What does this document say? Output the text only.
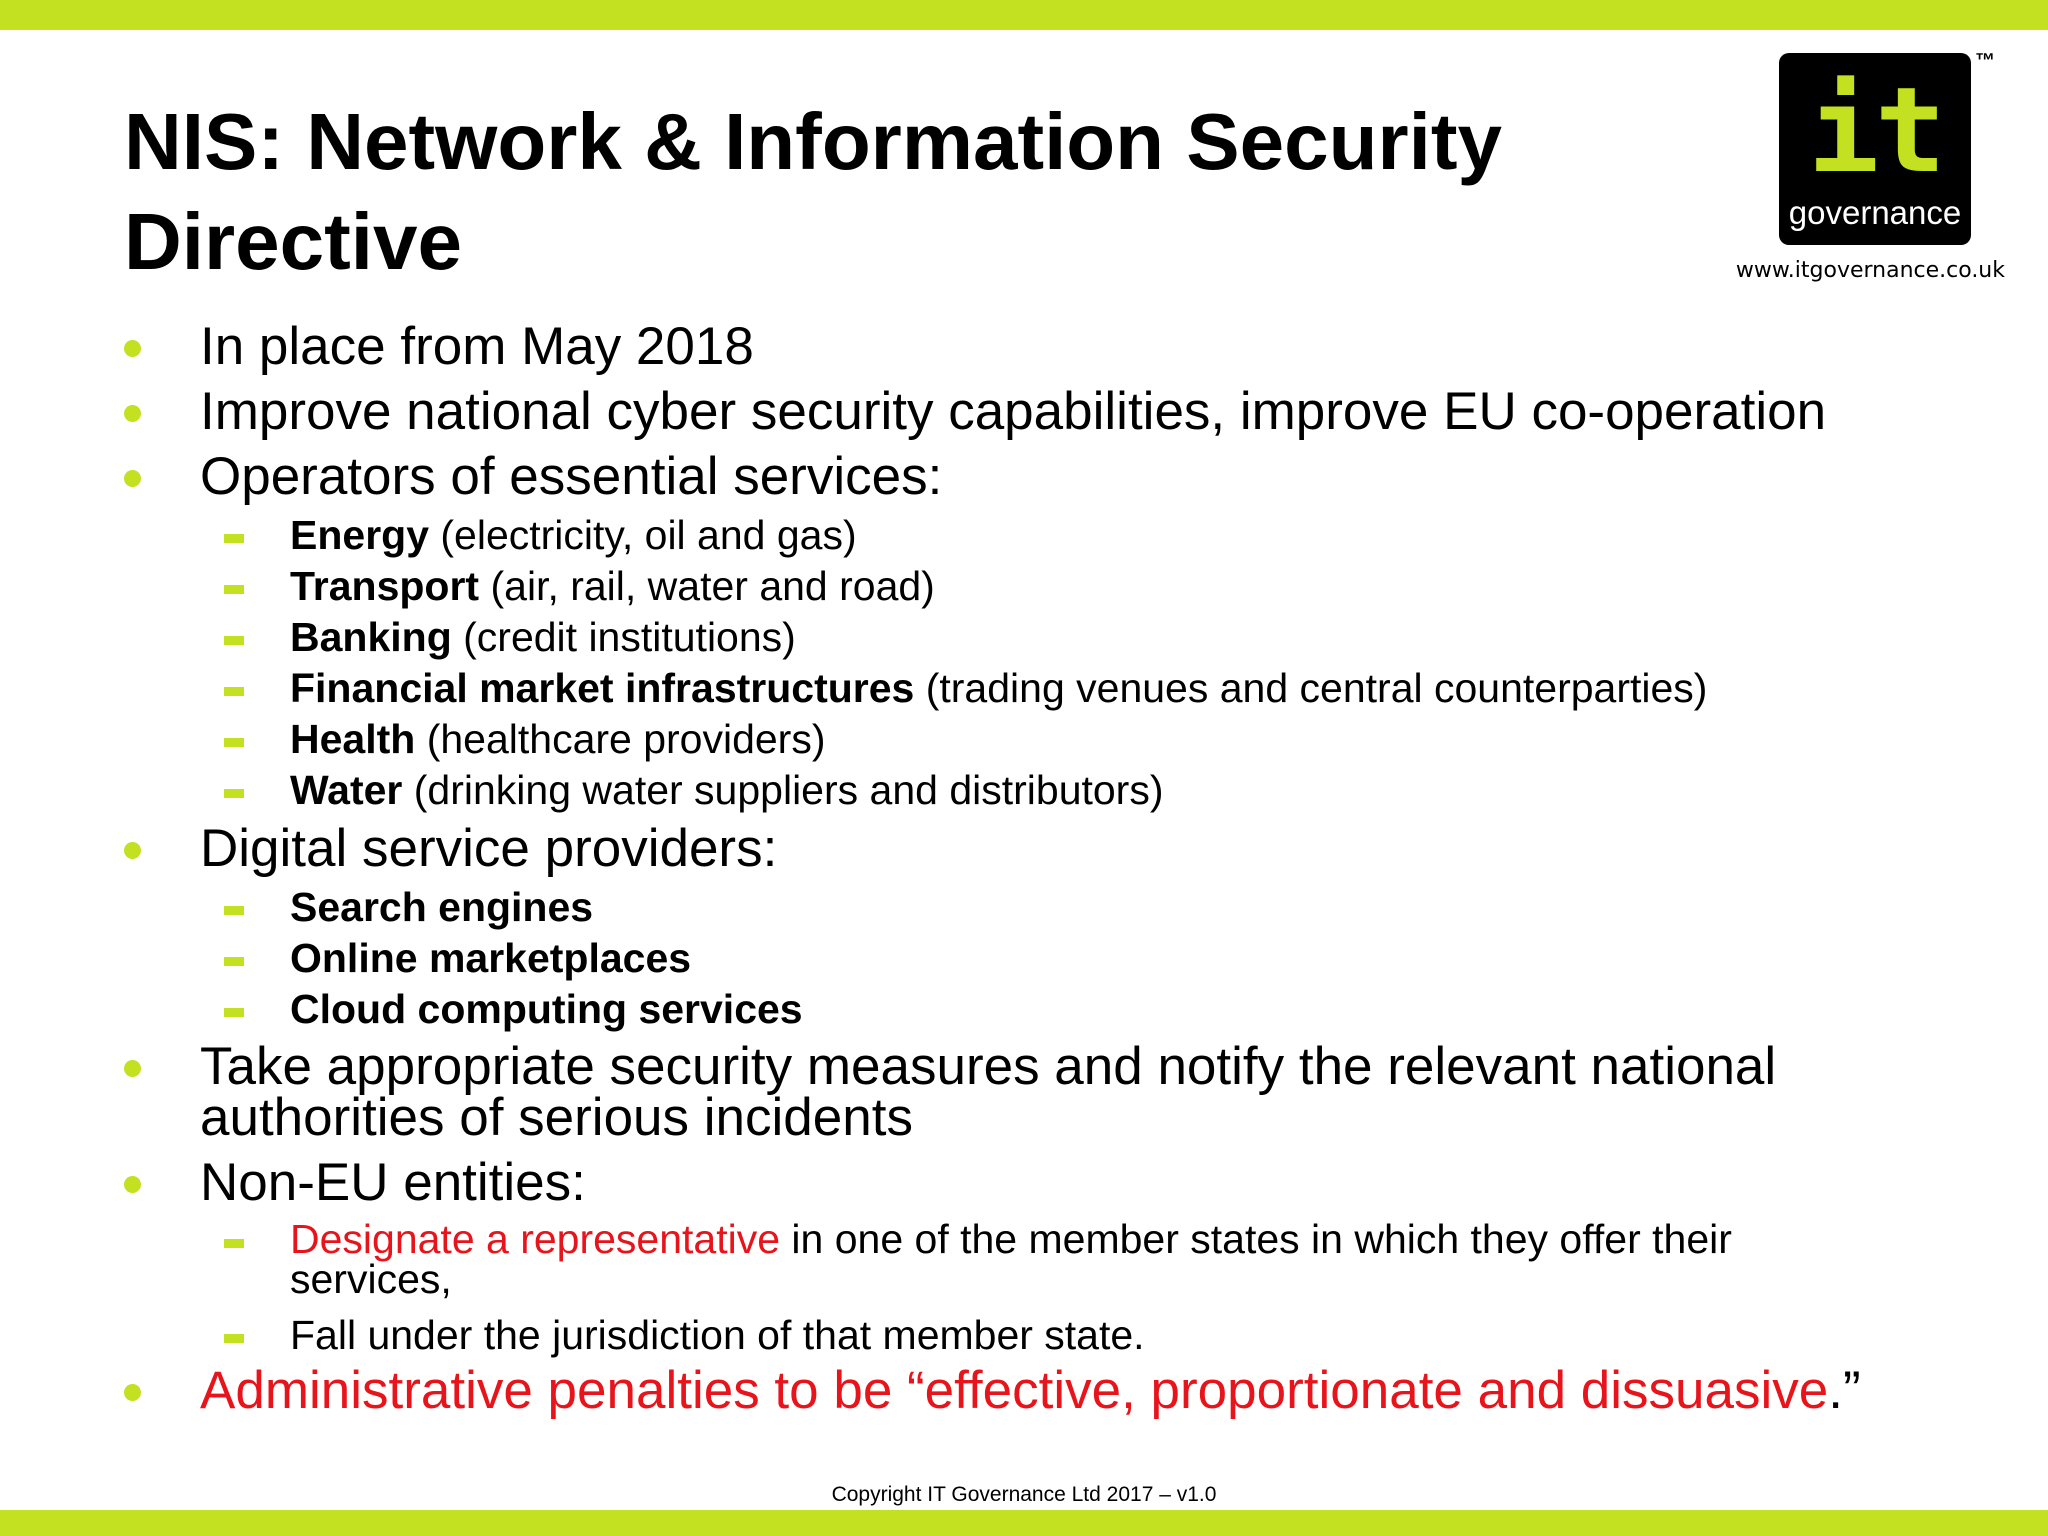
NIS: Network & Information Security Directive
it
governance
™
www.itgovernance.co.uk
In place from May 2018
Improve national cyber security capabilities, improve EU co-operation
Operators of essential services:
Energy (electricity, oil and gas)
Transport (air, rail, water and road)
Banking (credit institutions)
Financial market infrastructures (trading venues and central counterparties)
Health (healthcare providers)
Water (drinking water suppliers and distributors)
Digital service providers:
Search engines
Online marketplaces
Cloud computing services
Take appropriate security measures and notify the relevant national
authorities of serious incidents
Non-EU entities:
Designate a representative in one of the member states in which they offer their
services,
Fall under the jurisdiction of that member state.
Administrative penalties to be “effective, proportionate and dissuasive.”
Copyright IT Governance Ltd 2017 – v1.0
